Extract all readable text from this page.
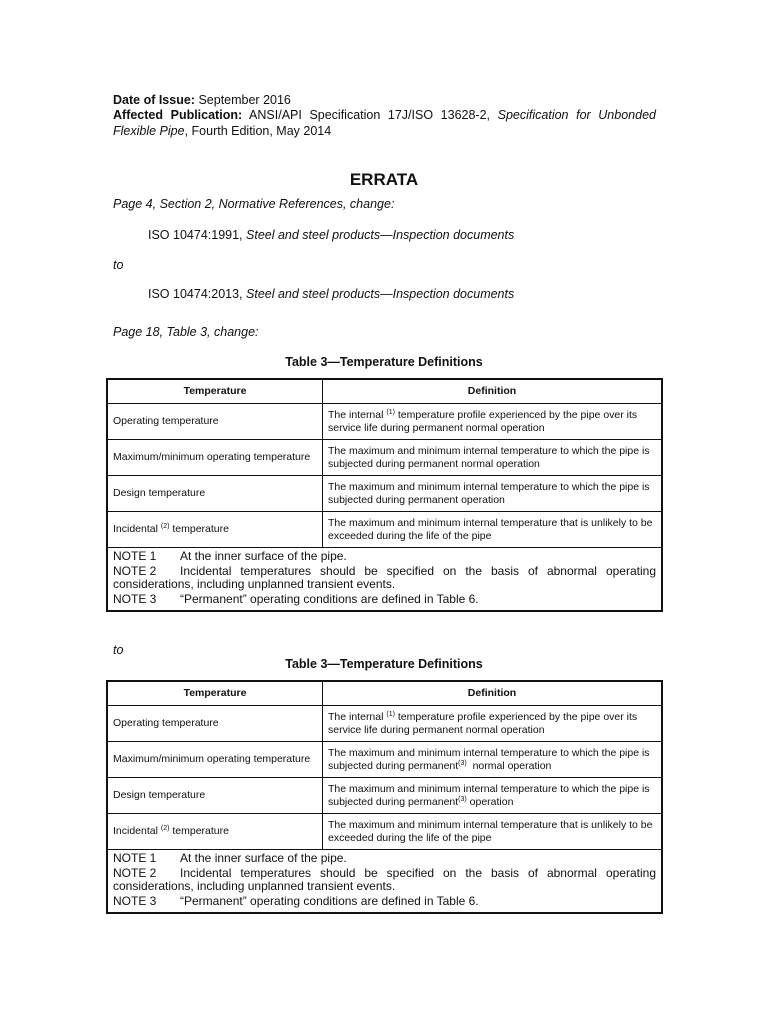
Date of Issue: September 2016
Affected Publication: ANSI/API Specification 17J/ISO 13628-2, Specification for Unbonded Flexible Pipe, Fourth Edition, May 2014
ERRATA
Page 4, Section 2, Normative References, change:
ISO 10474:1991, Steel and steel products—Inspection documents
to
ISO 10474:2013, Steel and steel products—Inspection documents
Page 18, Table 3, change:
Table 3—Temperature Definitions
Temperature	Definition
Operating temperature	The internal $^{(1)}$ temperature profile experienced by the pipe over its service life during permanent normal operation
Maximum/minimum operating temperature	The maximum and minimum internal temperature to which the pipe is subjected during permanent normal operation
Design temperature	The maximum and minimum internal temperature to which the pipe is subjected during permanent operation
Incidental $^{(2)}$ temperature	The maximum and minimum internal temperature that is unlikely to be exceeded during the life of the pipe

NOTE 1 At the inner surface of the pipe.
NOTE 2 Incidental temperatures should be specified on the basis of abnormal operating considerations, including unplanned transient events.
NOTE 3 “Permanent” operating conditions are defined in Table 6.	
to
Table 3—Temperature Definitions
Temperature	Definition
Operating temperature	The internal $^{(1)}$ temperature profile experienced by the pipe over its service life during permanent normal operation
Maximum/minimum operating temperature	The maximum and minimum internal temperature to which the pipe is subjected during permanent$^{(3)}$ normal operation
Design temperature	The maximum and minimum internal temperature to which the pipe is subjected during permanent$^{(3)}$ operation
Incidental $^{(2)}$ temperature	The maximum and minimum internal temperature that is unlikely to be exceeded during the life of the pipe

NOTE 1 At the inner surface of the pipe.
NOTE 2 Incidental temperatures should be specified on the basis of abnormal operating considerations, including unplanned transient events.
NOTE 3 “Permanent” operating conditions are defined in Table 6.	
